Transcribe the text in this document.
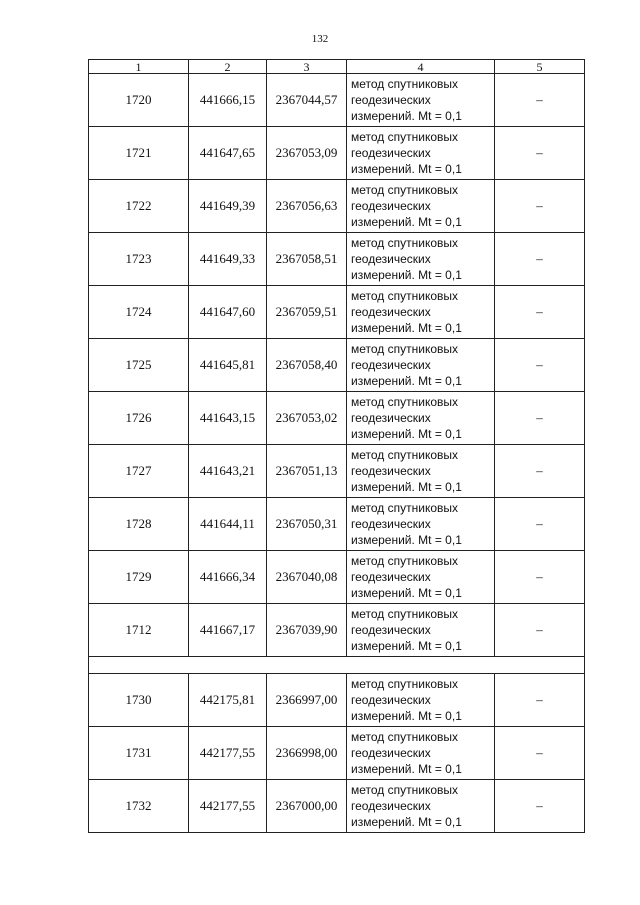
132
1	2	3	4	5
1720	441666,15	2367044,57	метод спутниковых
геодезических
измерений. Mt = 0,1	–
1721	441647,65	2367053,09	метод спутниковых
геодезических
измерений. Mt = 0,1	–
1722	441649,39	2367056,63	метод спутниковых
геодезических
измерений. Mt = 0,1	–
1723	441649,33	2367058,51	метод спутниковых
геодезических
измерений. Mt = 0,1	–
1724	441647,60	2367059,51	метод спутниковых
геодезических
измерений. Mt = 0,1	–
1725	441645,81	2367058,40	метод спутниковых
геодезических
измерений. Mt = 0,1	–
1726	441643,15	2367053,02	метод спутниковых
геодезических
измерений. Mt = 0,1	–
1727	441643,21	2367051,13	метод спутниковых
геодезических
измерений. Mt = 0,1	–
1728	441644,11	2367050,31	метод спутниковых
геодезических
измерений. Mt = 0,1	–
1729	441666,34	2367040,08	метод спутниковых
геодезических
измерений. Mt = 0,1	–
1712	441667,17	2367039,90	метод спутниковых
геодезических
измерений. Mt = 0,1	–

1730	442175,81	2366997,00	метод спутниковых
геодезических
измерений. Mt = 0,1	–
1731	442177,55	2366998,00	метод спутниковых
геодезических
измерений. Mt = 0,1	–
1732	442177,55	2367000,00	метод спутниковых
геодезических
измерений. Mt = 0,1	–
